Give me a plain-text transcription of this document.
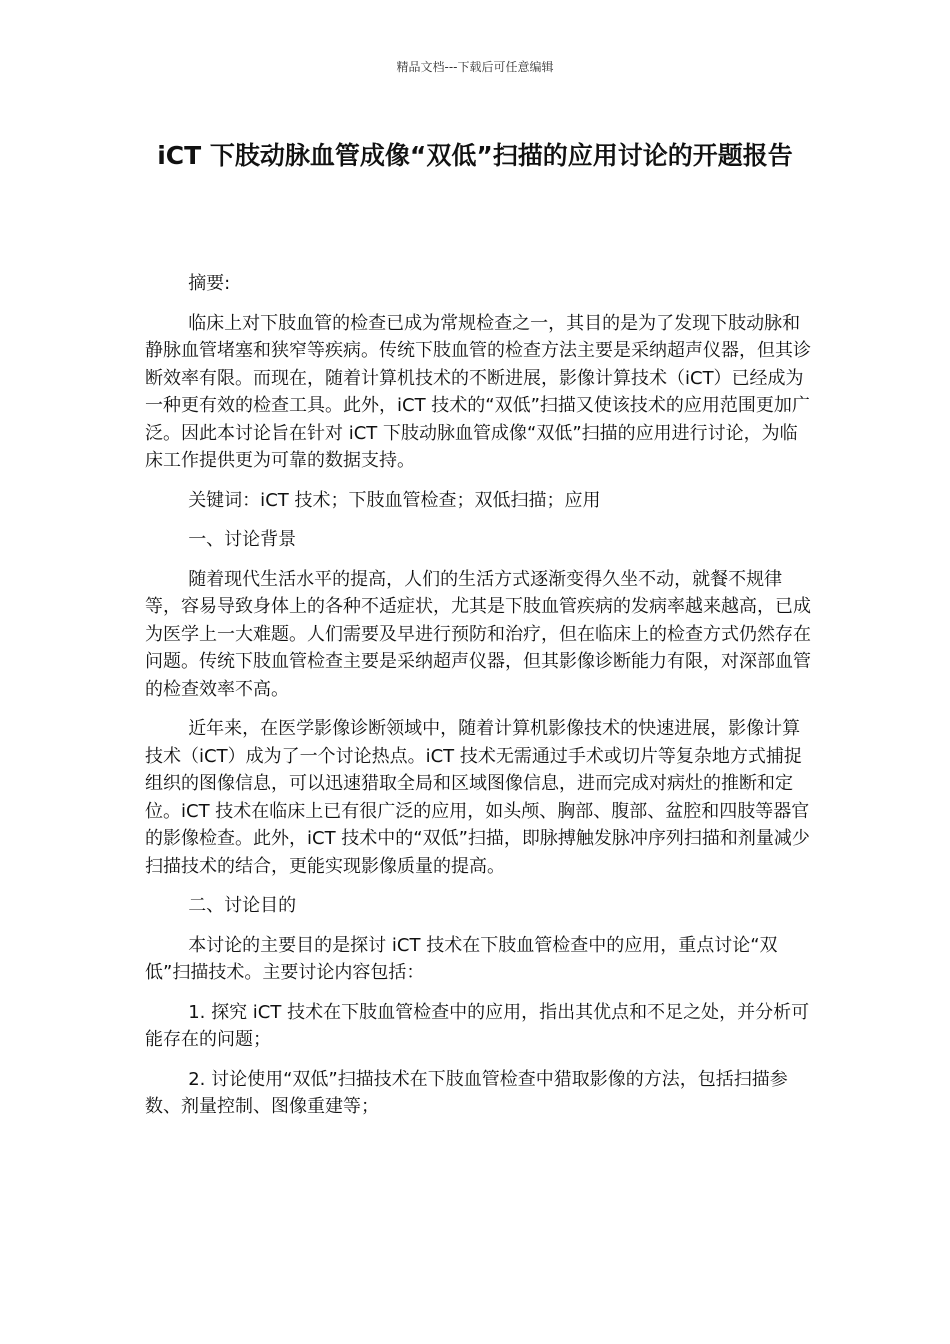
精品文档---下载后可任意编辑
iCT 下肢动脉血管成像“双低”扫描的应用讨论的开题报告

摘要:

临床上对下肢血管的检查已成为常规检查之一，其目的是为了发现下肢动脉和静脉血管堵塞和狭窄等疾病。传统下肢血管的检查方法主要是采纳超声仪器，但其诊断效率有限。而现在，随着计算机技术的不断进展，影像计算技术（iCT）已经成为一种更有效的检查工具。此外，iCT 技术的“双低”扫描又使该技术的应用范围更加广泛。因此本讨论旨在针对 iCT 下肢动脉血管成像“双低”扫描的应用进行讨论，为临床工作提供更为可靠的数据支持。

关键词：iCT 技术；下肢血管检查；双低扫描；应用

一、讨论背景

随着现代生活水平的提高，人们的生活方式逐渐变得久坐不动，就餐不规律等，容易导致身体上的各种不适症状，尤其是下肢血管疾病的发病率越来越高，已成为医学上一大难题。人们需要及早进行预防和治疗，但在临床上的检查方式仍然存在问题。传统下肢血管检查主要是采纳超声仪器，但其影像诊断能力有限，对深部血管的检查效率不高。

近年来，在医学影像诊断领域中，随着计算机影像技术的快速进展，影像计算技术（iCT）成为了一个讨论热点。iCT 技术无需通过手术或切片等复杂地方式捕捉组织的图像信息，可以迅速猎取全局和区域图像信息，进而完成对病灶的推断和定位。iCT 技术在临床上已有很广泛的应用，如头颅、胸部、腹部、盆腔和四肢等器官的影像检查。此外，iCT 技术中的“双低”扫描，即脉搏触发脉冲序列扫描和剂量减少扫描技术的结合，更能实现影像质量的提高。

二、讨论目的

本讨论的主要目的是探讨 iCT 技术在下肢血管检查中的应用，重点讨论“双低”扫描技术。主要讨论内容包括：

1. 探究 iCT 技术在下肢血管检查中的应用，指出其优点和不足之处，并分析可能存在的问题；

2. 讨论使用“双低”扫描技术在下肢血管检查中猎取影像的方法，包括扫描参数、剂量控制、图像重建等；
